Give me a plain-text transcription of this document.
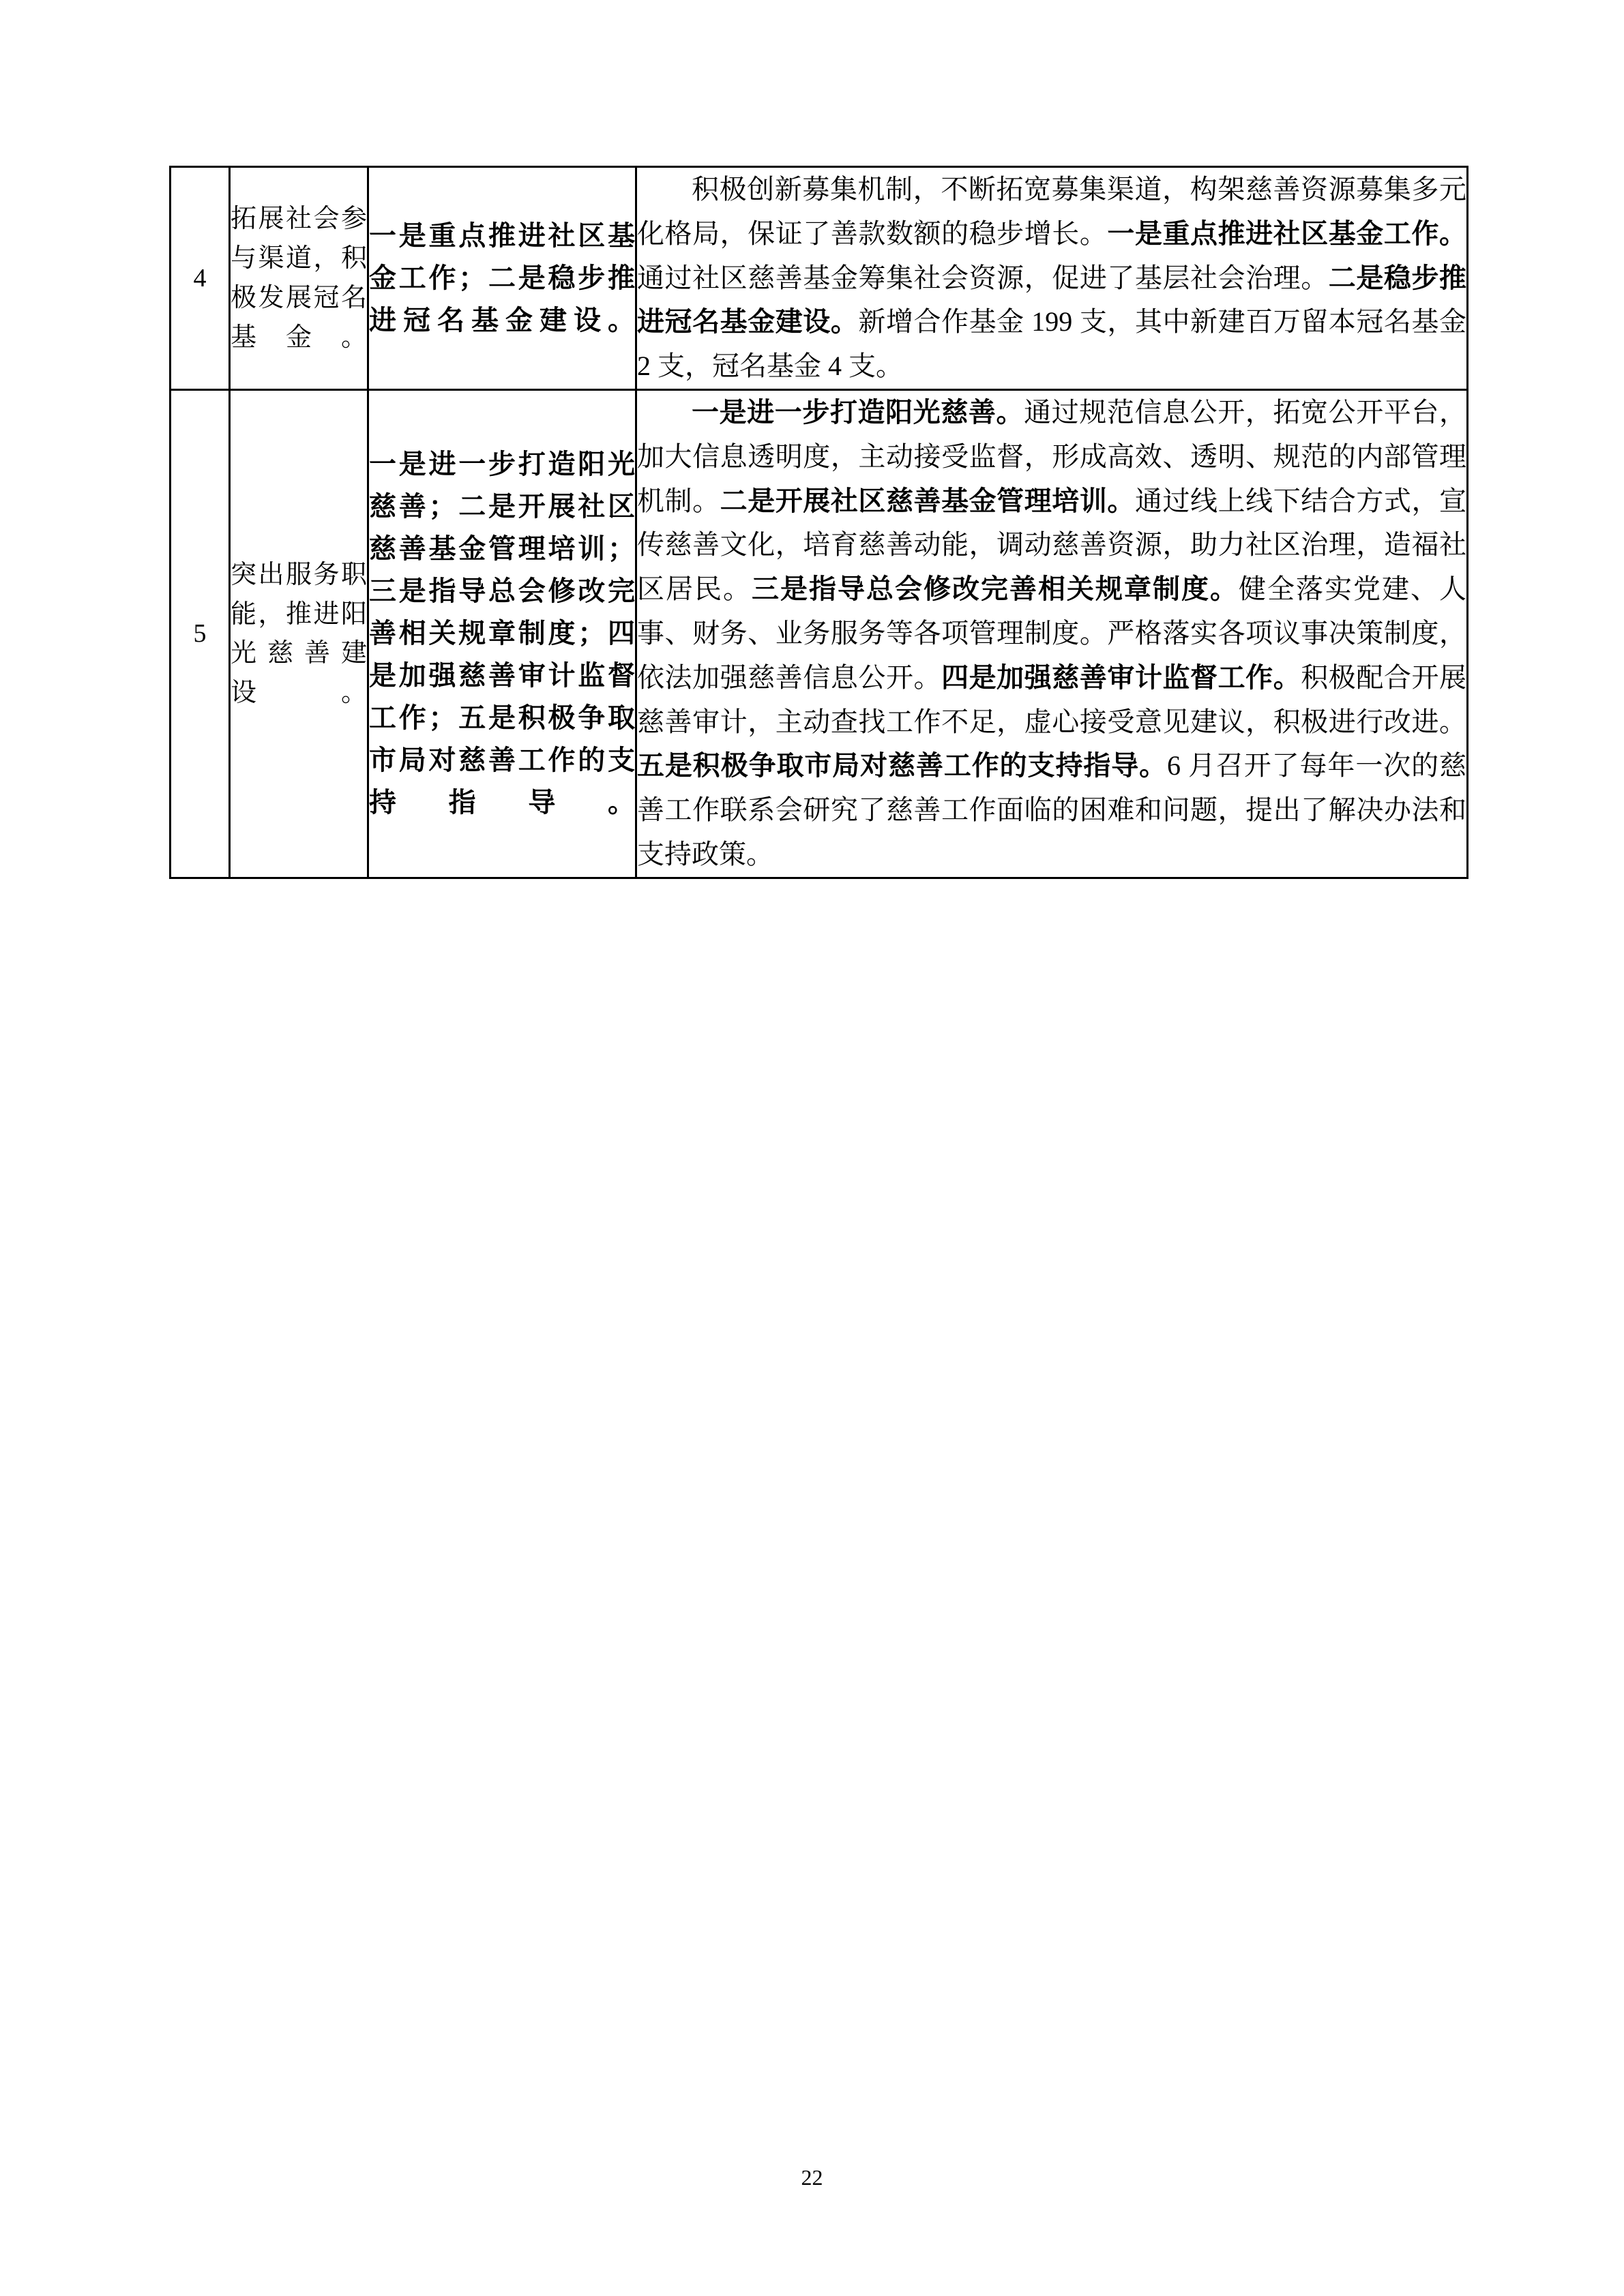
4	拓展社会参与渠道，积极发展冠名基金。	一是重点推进社区基金工作；二是稳步推进冠名基金建设。	积极创新募集机制，不断拓宽募集渠道，构架慈善资源募集多元化格局，保证了善款数额的稳步增长。一是重点推进社区基金工作。通过社区慈善基金筹集社会资源，促进了基层社会治理。二是稳步推进冠名基金建设。新增合作基金 199 支，其中新建百万留本冠名基金 2 支，冠名基金 4 支。

5	突出服务职能，推进阳光慈善建设。	一是进一步打造阳光慈善；二是开展社区慈善基金管理培训；三是指导总会修改完善相关规章制度；四是加强慈善审计监督工作；五是积极争取市局对慈善工作的支持指导。	一是进一步打造阳光慈善。通过规范信息公开，拓宽公开平台，加大信息透明度，主动接受监督，形成高效、透明、规范的内部管理机制。二是开展社区慈善基金管理培训。通过线上线下结合方式，宣传慈善文化，培育慈善动能，调动慈善资源，助力社区治理，造福社区居民。三是指导总会修改完善相关规章制度。健全落实党建、人事、财务、业务服务等各项管理制度。严格落实各项议事决策制度，依法加强慈善信息公开。四是加强慈善审计监督工作。积极配合开展慈善审计，主动查找工作不足，虚心接受意见建议，积极进行改进。五是积极争取市局对慈善工作的支持指导。6 月召开了每年一次的慈善工作联系会研究了慈善工作面临的困难和问题，提出了解决办法和支持政策。

22
